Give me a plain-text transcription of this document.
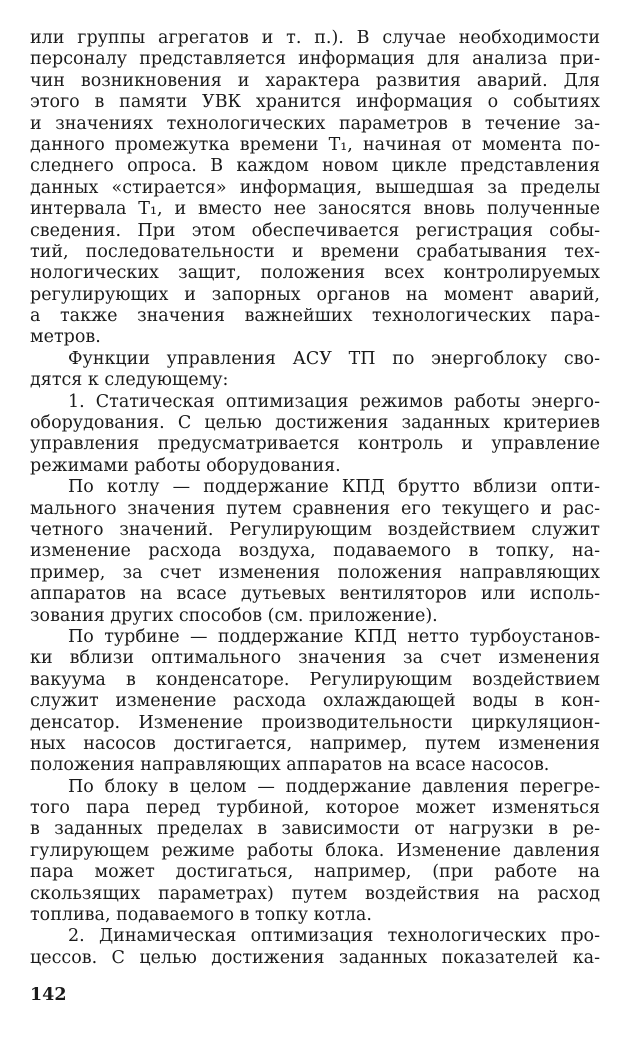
или группы агрегатов и т. п.). В случае необходимости
персоналу представляется информация для анализа при-
чин возникновения и характера развития аварий. Для
этого в памяти УВК хранится информация о событиях
и значениях технологических параметров в течение за-
данного промежутка времени T₁, начиная от момента по-
следнего опроса. В каждом новом цикле представления
данных «стирается» информация, вышедшая за пределы
интервала T₁, и вместо нее заносятся вновь полученные
сведения. При этом обеспечивается регистрация собы-
тий, последовательности и времени срабатывания тех-
нологических защит, положения всех контролируемых
регулирующих и запорных органов на момент аварий,
а также значения важнейших технологических пара-
метров.
Функции управления АСУ ТП по энергоблоку сво-
дятся к следующему:
1. Статическая оптимизация режимов работы энерго-
оборудования. С целью достижения заданных критериев
управления предусматривается контроль и управление
режимами работы оборудования.
По котлу — поддержание КПД брутто вблизи опти-
мального значения путем сравнения его текущего и рас-
четного значений. Регулирующим воздействием служит
изменение расхода воздуха, подаваемого в топку, на-
пример, за счет изменения положения направляющих
аппаратов на всасе дутьевых вентиляторов или исполь-
зования других способов (см. приложение).
По турбине — поддержание КПД нетто турбоустанов-
ки вблизи оптимального значения за счет изменения
вакуума в конденсаторе. Регулирующим воздействием
служит изменение расхода охлаждающей воды в кон-
денсатор. Изменение производительности циркуляцион-
ных насосов достигается, например, путем изменения
положения направляющих аппаратов на всасе насосов.
По блоку в целом — поддержание давления перегре-
того пара перед турбиной, которое может изменяться
в заданных пределах в зависимости от нагрузки в ре-
гулирующем режиме работы блока. Изменение давления
пара может достигаться, например, (при работе на
скользящих параметрах) путем воздействия на расход
топлива, подаваемого в топку котла.
2. Динамическая оптимизация технологических про-
цессов. С целью достижения заданных показателей ка-
142
